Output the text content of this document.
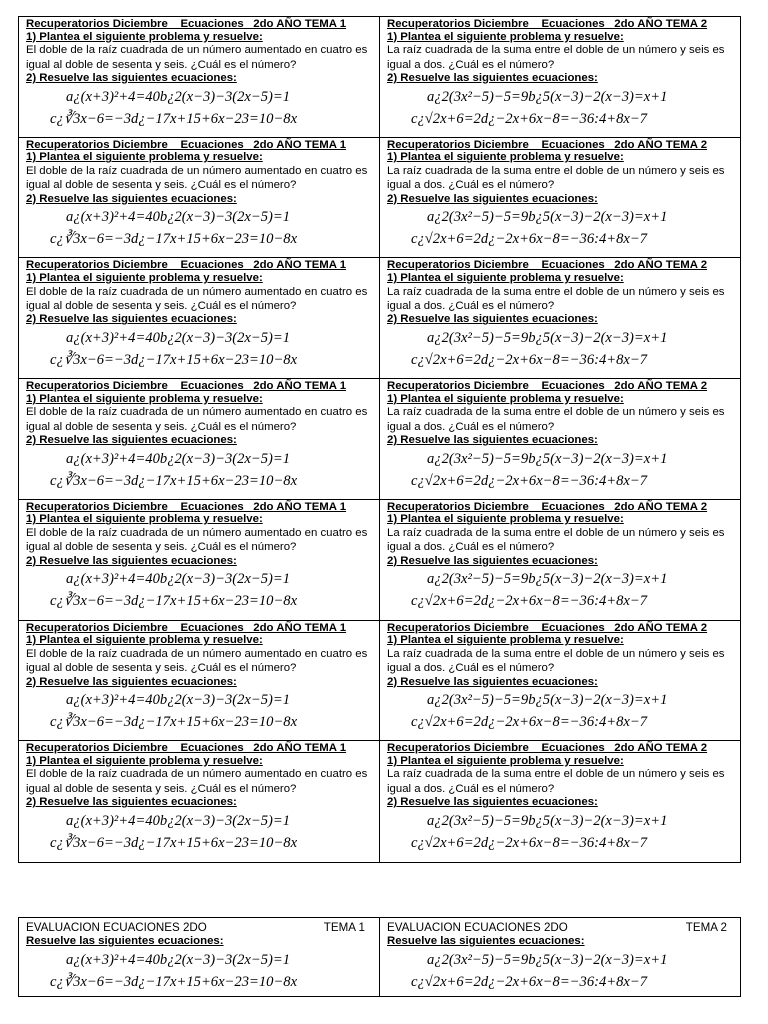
Recuperatorios Diciembre    Ecuaciones   2do AÑO TEMA 1
1) Plantea el siguiente problema y resuelve:
El doble de la raíz cuadrada de un número aumentado en cuatro es igual al doble de sesenta y seis. ¿Cuál es el número?
2) Resuelve las siguientes ecuaciones:
a¿(x+3)²+4=40b¿2(x−3)−3(2x−5)=1
c¿∛3x−6=−3d¿−17x+15+6x−23=10−8x
Recuperatorios Diciembre    Ecuaciones   2do AÑO TEMA 2
1) Plantea el siguiente problema y resuelve:
La raíz cuadrada de la suma entre el doble de un número y seis es igual a dos. ¿Cuál es el número?
2) Resuelve las siguientes ecuaciones:
a¿2(3x²−5)−5=9b¿5(x−3)−2(x−3)=x+1
c¿√2x+6=2d¿−2x+6x−8=−36:4+8x−7
Recuperatorios Diciembre    Ecuaciones   2do AÑO TEMA 1
1) Plantea el siguiente problema y resuelve:
El doble de la raíz cuadrada de un número aumentado en cuatro es igual al doble de sesenta y seis. ¿Cuál es el número?
2) Resuelve las siguientes ecuaciones:
a¿(x+3)²+4=40b¿2(x−3)−3(2x−5)=1
c¿∛3x−6=−3d¿−17x+15+6x−23=10−8x
Recuperatorios Diciembre    Ecuaciones   2do AÑO TEMA 2
1) Plantea el siguiente problema y resuelve:
La raíz cuadrada de la suma entre el doble de un número y seis es igual a dos. ¿Cuál es el número?
2) Resuelve las siguientes ecuaciones:
a¿2(3x²−5)−5=9b¿5(x−3)−2(x−3)=x+1
c¿√2x+6=2d¿−2x+6x−8=−36:4+8x−7
Recuperatorios Diciembre    Ecuaciones   2do AÑO TEMA 1
1) Plantea el siguiente problema y resuelve:
El doble de la raíz cuadrada de un número aumentado en cuatro es igual al doble de sesenta y seis. ¿Cuál es el número?
2) Resuelve las siguientes ecuaciones:
a¿(x+3)²+4=40b¿2(x−3)−3(2x−5)=1
c¿∛3x−6=−3d¿−17x+15+6x−23=10−8x
Recuperatorios Diciembre    Ecuaciones   2do AÑO TEMA 2
1) Plantea el siguiente problema y resuelve:
La raíz cuadrada de la suma entre el doble de un número y seis es igual a dos. ¿Cuál es el número?
2) Resuelve las siguientes ecuaciones:
a¿2(3x²−5)−5=9b¿5(x−3)−2(x−3)=x+1
c¿√2x+6=2d¿−2x+6x−8=−36:4+8x−7
Recuperatorios Diciembre    Ecuaciones   2do AÑO TEMA 1
1) Plantea el siguiente problema y resuelve:
El doble de la raíz cuadrada de un número aumentado en cuatro es igual al doble de sesenta y seis. ¿Cuál es el número?
2) Resuelve las siguientes ecuaciones:
a¿(x+3)²+4=40b¿2(x−3)−3(2x−5)=1
c¿∛3x−6=−3d¿−17x+15+6x−23=10−8x
Recuperatorios Diciembre    Ecuaciones   2do AÑO TEMA 2
1) Plantea el siguiente problema y resuelve:
La raíz cuadrada de la suma entre el doble de un número y seis es igual a dos. ¿Cuál es el número?
2) Resuelve las siguientes ecuaciones:
a¿2(3x²−5)−5=9b¿5(x−3)−2(x−3)=x+1
c¿√2x+6=2d¿−2x+6x−8=−36:4+8x−7
Recuperatorios Diciembre    Ecuaciones   2do AÑO TEMA 1
1) Plantea el siguiente problema y resuelve:
El doble de la raíz cuadrada de un número aumentado en cuatro es igual al doble de sesenta y seis. ¿Cuál es el número?
2) Resuelve las siguientes ecuaciones:
a¿(x+3)²+4=40b¿2(x−3)−3(2x−5)=1
c¿∛3x−6=−3d¿−17x+15+6x−23=10−8x
Recuperatorios Diciembre    Ecuaciones   2do AÑO TEMA 2
1) Plantea el siguiente problema y resuelve:
La raíz cuadrada de la suma entre el doble de un número y seis es igual a dos. ¿Cuál es el número?
2) Resuelve las siguientes ecuaciones:
a¿2(3x²−5)−5=9b¿5(x−3)−2(x−3)=x+1
c¿√2x+6=2d¿−2x+6x−8=−36:4+8x−7
Recuperatorios Diciembre    Ecuaciones   2do AÑO TEMA 1
1) Plantea el siguiente problema y resuelve:
El doble de la raíz cuadrada de un número aumentado en cuatro es igual al doble de sesenta y seis. ¿Cuál es el número?
2) Resuelve las siguientes ecuaciones:
a¿(x+3)²+4=40b¿2(x−3)−3(2x−5)=1
c¿∛3x−6=−3d¿−17x+15+6x−23=10−8x
Recuperatorios Diciembre    Ecuaciones   2do AÑO TEMA 2
1) Plantea el siguiente problema y resuelve:
La raíz cuadrada de la suma entre el doble de un número y seis es igual a dos. ¿Cuál es el número?
2) Resuelve las siguientes ecuaciones:
a¿2(3x²−5)−5=9b¿5(x−3)−2(x−3)=x+1
c¿√2x+6=2d¿−2x+6x−8=−36:4+8x−7
Recuperatorios Diciembre    Ecuaciones   2do AÑO TEMA 1
1) Plantea el siguiente problema y resuelve:
El doble de la raíz cuadrada de un número aumentado en cuatro es igual al doble de sesenta y seis. ¿Cuál es el número?
2) Resuelve las siguientes ecuaciones:
a¿(x+3)²+4=40b¿2(x−3)−3(2x−5)=1
c¿∛3x−6=−3d¿−17x+15+6x−23=10−8x
Recuperatorios Diciembre    Ecuaciones   2do AÑO TEMA 2
1) Plantea el siguiente problema y resuelve:
La raíz cuadrada de la suma entre el doble de un número y seis es igual a dos. ¿Cuál es el número?
2) Resuelve las siguientes ecuaciones:
a¿2(3x²−5)−5=9b¿5(x−3)−2(x−3)=x+1
c¿√2x+6=2d¿−2x+6x−8=−36:4+8x−7
EVALUACION ECUACIONES 2DO	TEMA 1
Resuelve las siguientes ecuaciones:
a¿(x+3)²+4=40b¿2(x−3)−3(2x−5)=1
c¿∛3x−6=−3d¿−17x+15+6x−23=10−8x
EVALUACION ECUACIONES 2DO	TEMA 2
Resuelve las siguientes ecuaciones:
a¿2(3x²−5)−5=9b¿5(x−3)−2(x−3)=x+1
c¿√2x+6=2d¿−2x+6x−8=−36:4+8x−7
